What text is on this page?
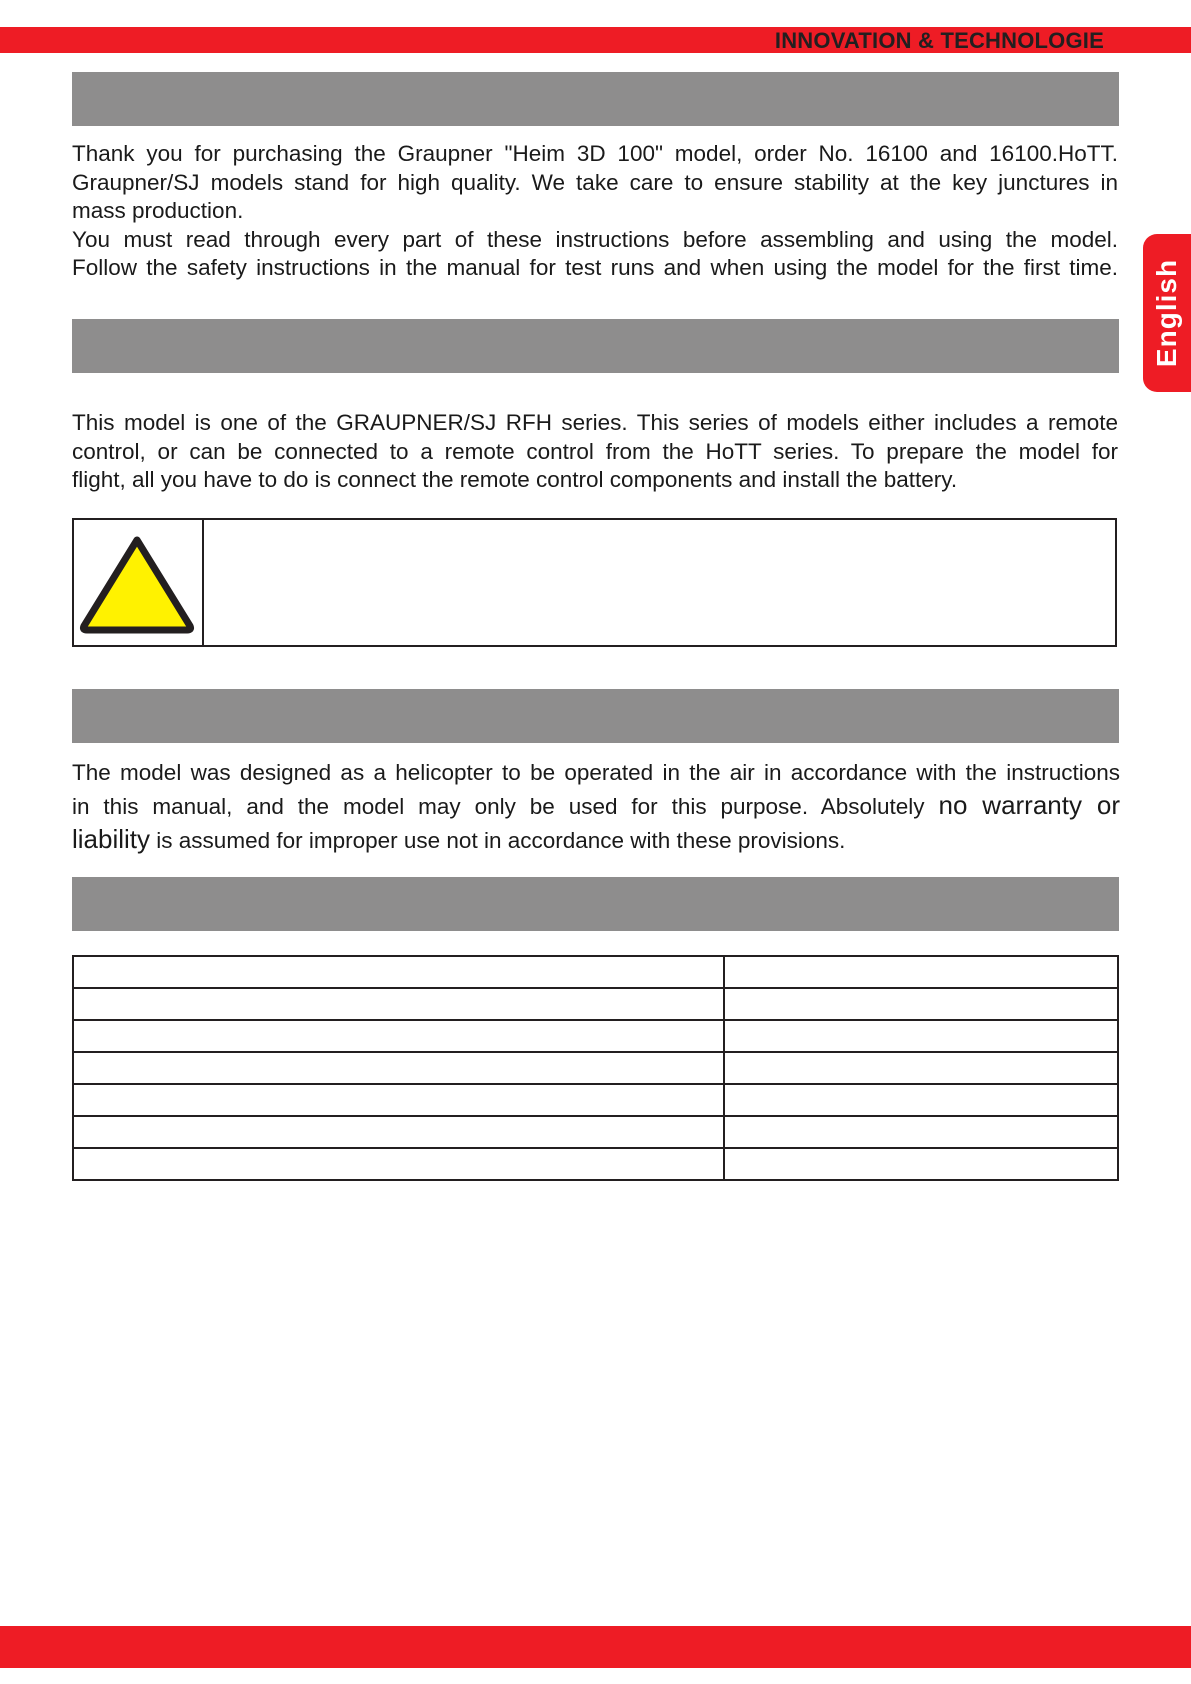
INNOVATION & TECHNOLOGIE
English
Thank you for purchasing the Graupner "Heim 3D 100" model, order No. 16100 and 16100.HoTT.
Graupner/SJ models stand for high quality. We take care to ensure stability at the key junctures in
mass production.
You must read through every part of these instructions before assembling and using the model.
Follow the safety instructions in the manual for test runs and when using the model for the first time.
This model is one of the GRAUPNER/SJ RFH series. This series of models either includes a remote
control, or can be connected to a remote control from the HoTT series. To prepare the model for
flight, all you have to do is connect the remote control components and install the battery.
The model was designed as a helicopter to be operated in the air in accordance with the instructions
in this manual, and the model may only be used for this purpose. Absolutely no warranty or
liability is assumed for improper use not in accordance with these provisions.
